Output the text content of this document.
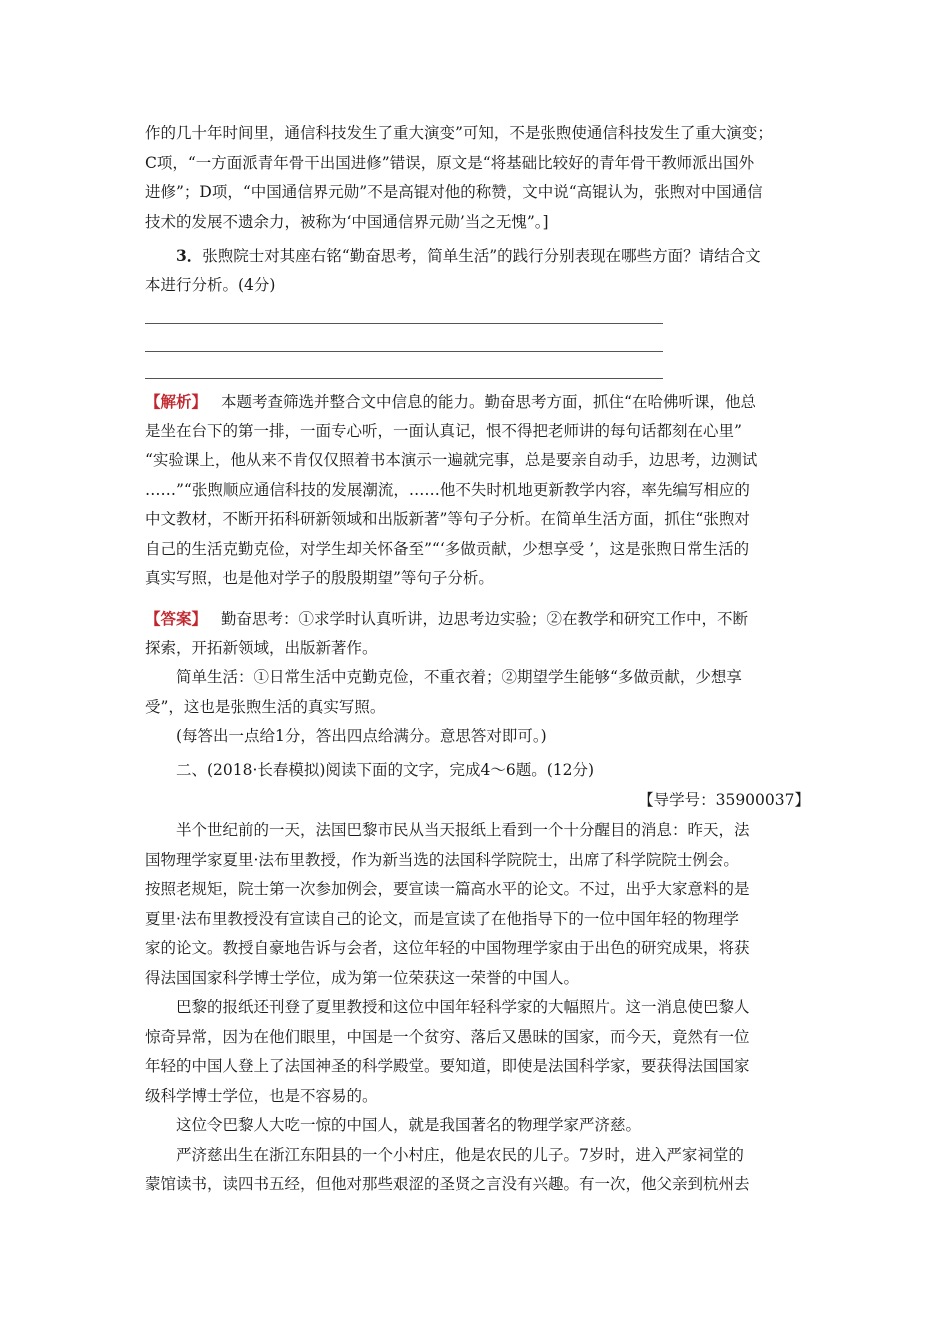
作的几十年时间里，通信科技发生了重大演变”可知，不是张煦使通信科技发生了重大演变；
C项，“一方面派青年骨干出国进修”错误，原文是“将基础比较好的青年骨干教师派出国外
进修”；D项，“中国通信界元勋”不是高锟对他的称赞，文中说“高锟认为，张煦对中国通信
技术的发展不遗余力，被称为‘中国通信界元勋’当之无愧”。]
3．张煦院士对其座右铭“勤奋思考，简单生活”的践行分别表现在哪些方面？请结合文
本进行分析。(4分)
【解析】 本题考查筛选并整合文中信息的能力。勤奋思考方面，抓住“在哈佛听课，他总
是坐在台下的第一排，一面专心听，一面认真记，恨不得把老师讲的每句话都刻在心里”
“实验课上，他从来不肯仅仅照着书本演示一遍就完事，总是要亲自动手，边思考，边测试
……”“张煦顺应通信科技的发展潮流，……他不失时机地更新教学内容，率先编写相应的
中文教材，不断开拓科研新领域和出版新著”等句子分析。在简单生活方面，抓住“张煦对
自己的生活克勤克俭，对学生却关怀备至”“‘多做贡献，少想享受 ’，这是张煦日常生活的
真实写照，也是他对学子的殷殷期望”等句子分析。
【答案】 勤奋思考：①求学时认真听讲，边思考边实验；②在教学和研究工作中，不断
探索，开拓新领域，出版新著作。
简单生活：①日常生活中克勤克俭，不重衣着；②期望学生能够“多做贡献，少想享
受”，这也是张煦生活的真实写照。
(每答出一点给1分，答出四点给满分。意思答对即可。)
二、(2018·长春模拟)阅读下面的文字，完成4～6题。(12分)
【导学号：35900037】
半个世纪前的一天，法国巴黎市民从当天报纸上看到一个十分醒目的消息：昨天，法
国物理学家夏里·法布里教授，作为新当选的法国科学院院士，出席了科学院院士例会。
按照老规矩，院士第一次参加例会，要宣读一篇高水平的论文。不过，出乎大家意料的是
夏里·法布里教授没有宣读自己的论文，而是宣读了在他指导下的一位中国年轻的物理学
家的论文。教授自豪地告诉与会者，这位年轻的中国物理学家由于出色的研究成果，将获
得法国国家科学博士学位，成为第一位荣获这一荣誉的中国人。
巴黎的报纸还刊登了夏里教授和这位中国年轻科学家的大幅照片。这一消息使巴黎人
惊奇异常，因为在他们眼里，中国是一个贫穷、落后又愚昧的国家，而今天，竟然有一位
年轻的中国人登上了法国神圣的科学殿堂。要知道，即使是法国科学家，要获得法国国家
级科学博士学位，也是不容易的。
这位令巴黎人大吃一惊的中国人，就是我国著名的物理学家严济慈。
严济慈出生在浙江东阳县的一个小村庄，他是农民的儿子。7岁时，进入严家祠堂的
蒙馆读书，读四书五经，但他对那些艰涩的圣贤之言没有兴趣。有一次，他父亲到杭州去
